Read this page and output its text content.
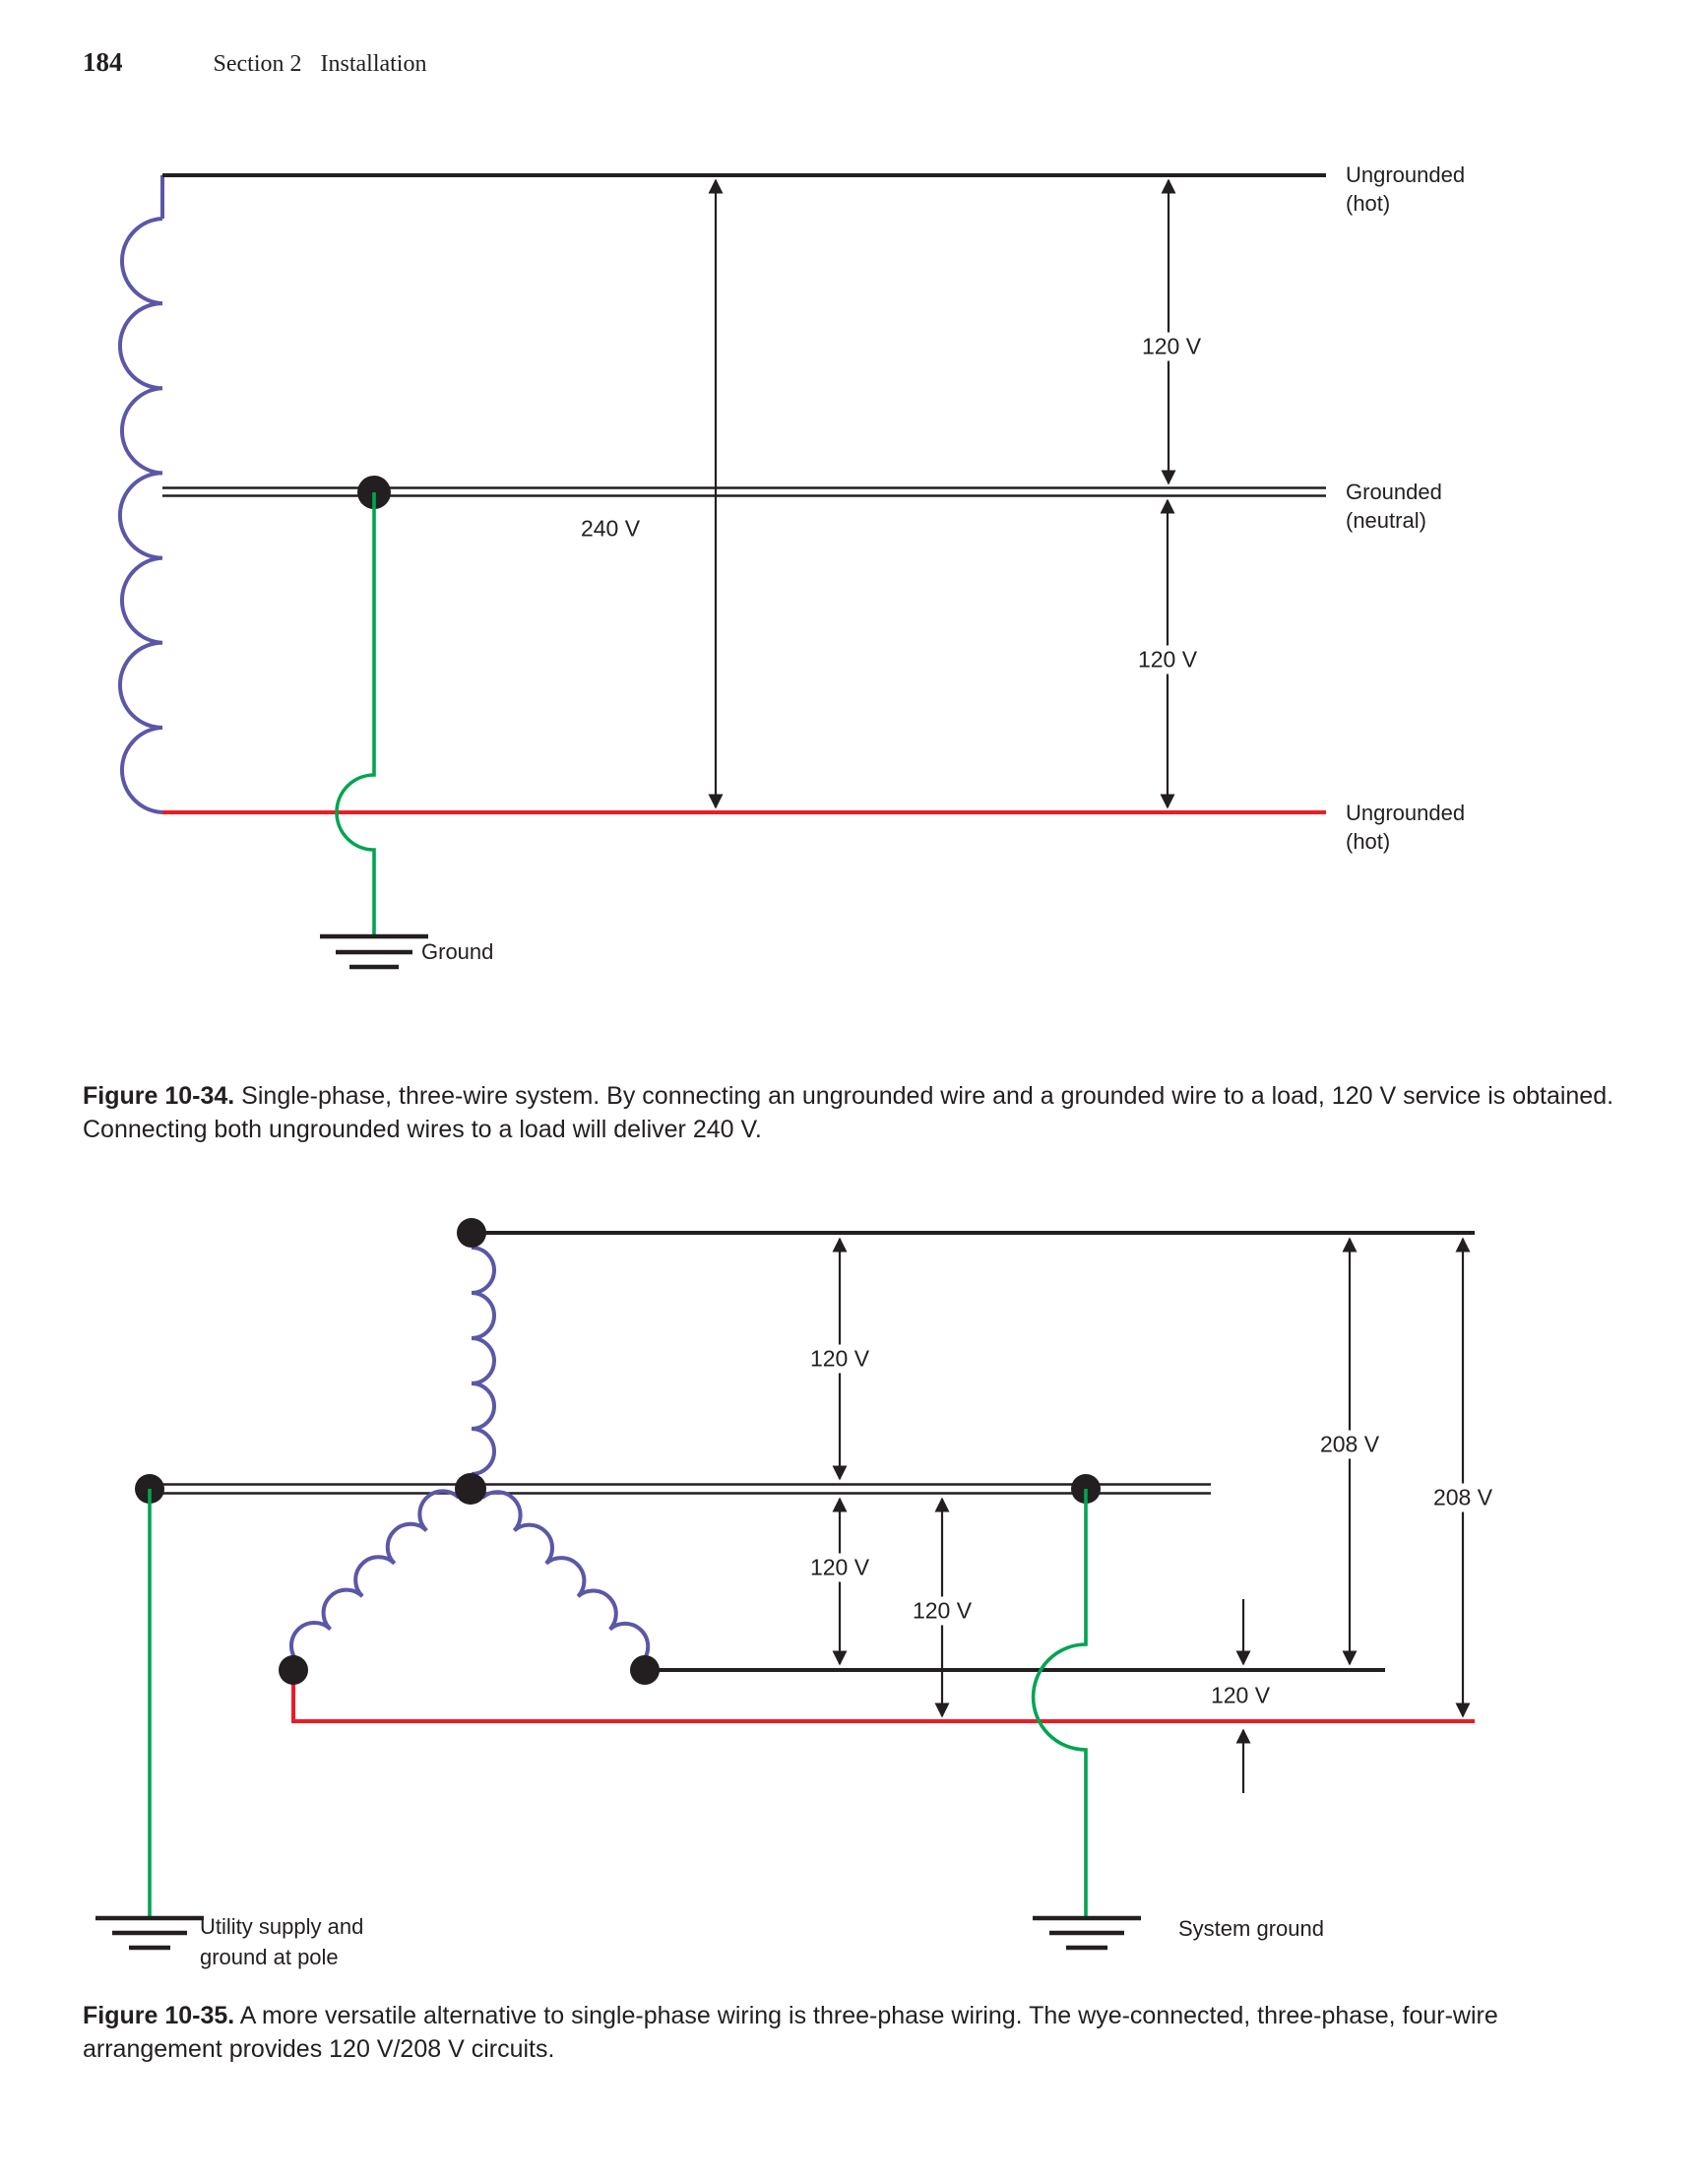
184	Section 2 Installation
Ungrounded
(hot)
Grounded
(neutral)
Ungrounded
(hot)
120 V
240 V
120 V
Ground
Figure 10-34. Single-phase, three-wire system. By connecting an ungrounded wire and a grounded wire to a load, 120 V service is obtained. Connecting both ungrounded wires to a load will deliver 240 V.
120 V
120 V
120 V
120 V
208 V
208 V
Utility supply and
ground at pole
System ground
Figure 10-35. A more versatile alternative to single-phase wiring is three-phase wiring. The wye-connected, three-phase, four-wire arrangement provides 120 V/208 V circuits.
